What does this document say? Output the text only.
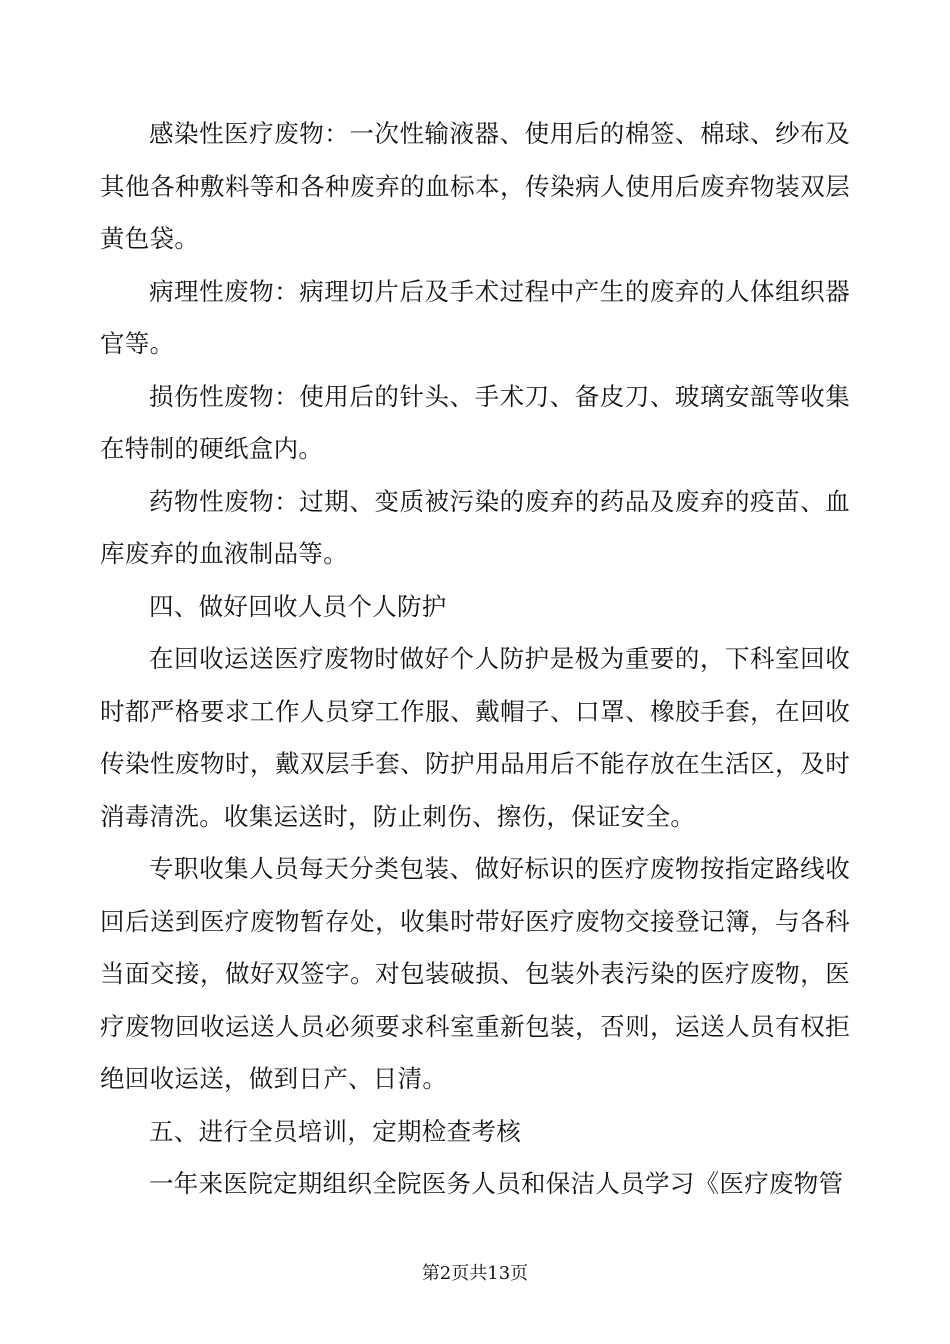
感染性医疗废物：一次性输液器、使用后的棉签、棉球、纱布及其他各种敷料等和各种废弃的血标本，传染病人使用后废弃物装双层黄色袋。

病理性废物：病理切片后及手术过程中产生的废弃的人体组织器官等。

损伤性废物：使用后的针头、手术刀、备皮刀、玻璃安瓿等收集在特制的硬纸盒内。

药物性废物：过期、变质被污染的废弃的药品及废弃的疫苗、血库废弃的血液制品等。

四、做好回收人员个人防护

在回收运送医疗废物时做好个人防护是极为重要的，下科室回收时都严格要求工作人员穿工作服、戴帽子、口罩、橡胶手套，在回收传染性废物时，戴双层手套、防护用品用后不能存放在生活区，及时消毒清洗。收集运送时，防止刺伤、擦伤，保证安全。

专职收集人员每天分类包装、做好标识的医疗废物按指定路线收回后送到医疗废物暂存处，收集时带好医疗废物交接登记簿，与各科当面交接，做好双签字。对包装破损、包装外表污染的医疗废物，医疗废物回收运送人员必须要求科室重新包装，否则，运送人员有权拒绝回收运送，做到日产、日清。

五、进行全员培训，定期检查考核

一年来医院定期组织全院医务人员和保洁人员学习《医疗废物管

第2页共13页
